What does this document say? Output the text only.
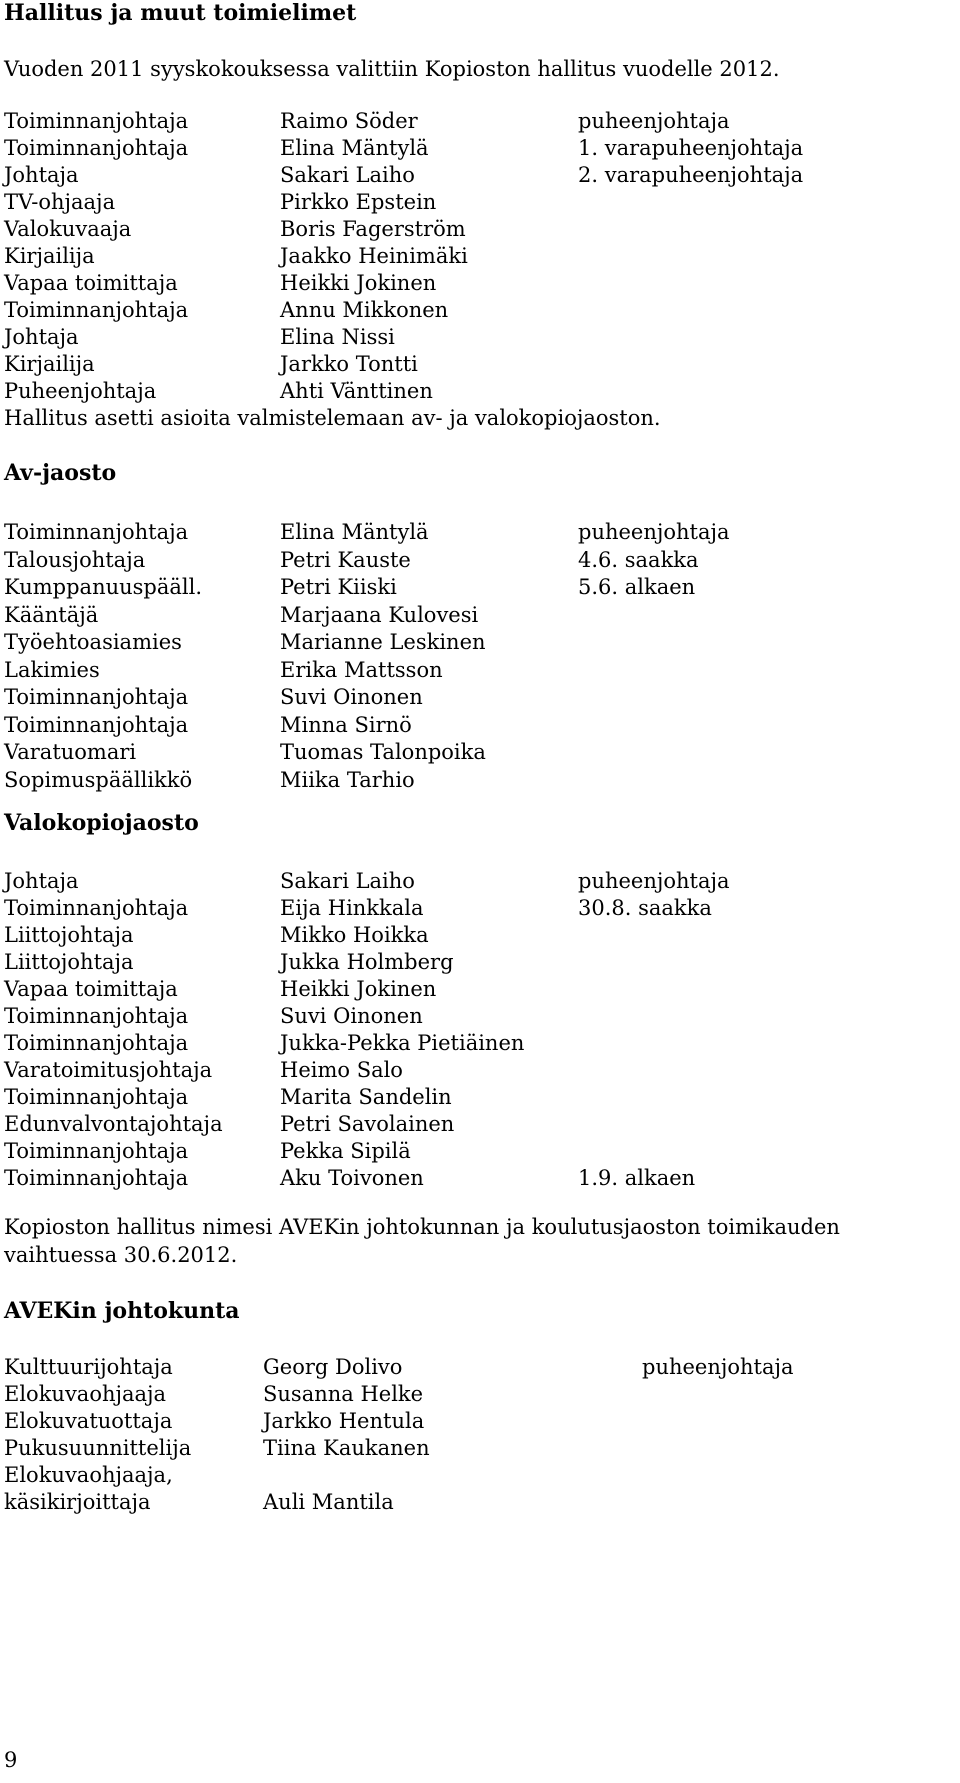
Hallitus ja muut toimielimet
Vuoden 2011 syyskokouksessa valittiin Kopioston hallitus vuodelle 2012.
Toiminnanjohtaja	Raimo Söder	puheenjohtaja
Toiminnanjohtaja	Elina Mäntylä	1. varapuheenjohtaja
Johtaja	Sakari Laiho	2. varapuheenjohtaja
TV-ohjaaja	Pirkko Epstein
Valokuvaaja	Boris Fagerström
Kirjailija	Jaakko Heinimäki
Vapaa toimittaja	Heikki Jokinen
Toiminnanjohtaja	Annu Mikkonen
Johtaja	Elina Nissi
Kirjailija	Jarkko Tontti
Puheenjohtaja	Ahti Vänttinen
Hallitus asetti asioita valmistelemaan av- ja valokopiojaoston.
Av-jaosto
Toiminnanjohtaja	Elina Mäntylä	puheenjohtaja
Talousjohtaja	Petri Kauste	4.6. saakka
Kumppanuuspääll.	Petri Kiiski	5.6. alkaen
Kääntäjä	Marjaana Kulovesi
Työehtoasiamies	Marianne Leskinen
Lakimies	Erika Mattsson
Toiminnanjohtaja	Suvi Oinonen
Toiminnanjohtaja	Minna Sirnö
Varatuomari	Tuomas Talonpoika
Sopimuspäällikkö	Miika Tarhio
Valokopiojaosto
Johtaja	Sakari Laiho	puheenjohtaja
Toiminnanjohtaja	Eija Hinkkala	30.8. saakka
Liittojohtaja	Mikko Hoikka
Liittojohtaja	Jukka Holmberg
Vapaa toimittaja	Heikki Jokinen
Toiminnanjohtaja	Suvi Oinonen
Toiminnanjohtaja	Jukka-Pekka Pietiäinen
Varatoimitusjohtaja	Heimo Salo
Toiminnanjohtaja	Marita Sandelin
Edunvalvontajohtaja	Petri Savolainen
Toiminnanjohtaja	Pekka Sipilä
Toiminnanjohtaja	Aku Toivonen	1.9. alkaen
Kopioston hallitus nimesi AVEKin johtokunnan ja koulutusjaoston toimikauden
vaihtuessa 30.6.2012.
AVEKin johtokunta
Kulttuurijohtaja	Georg Dolivo	puheenjohtaja
Elokuvaohjaaja	Susanna Helke
Elokuvatuottaja	Jarkko Hentula
Pukusuunnittelija	Tiina Kaukanen
Elokuvaohjaaja,
käsikirjoittaja	Auli Mantila
9
